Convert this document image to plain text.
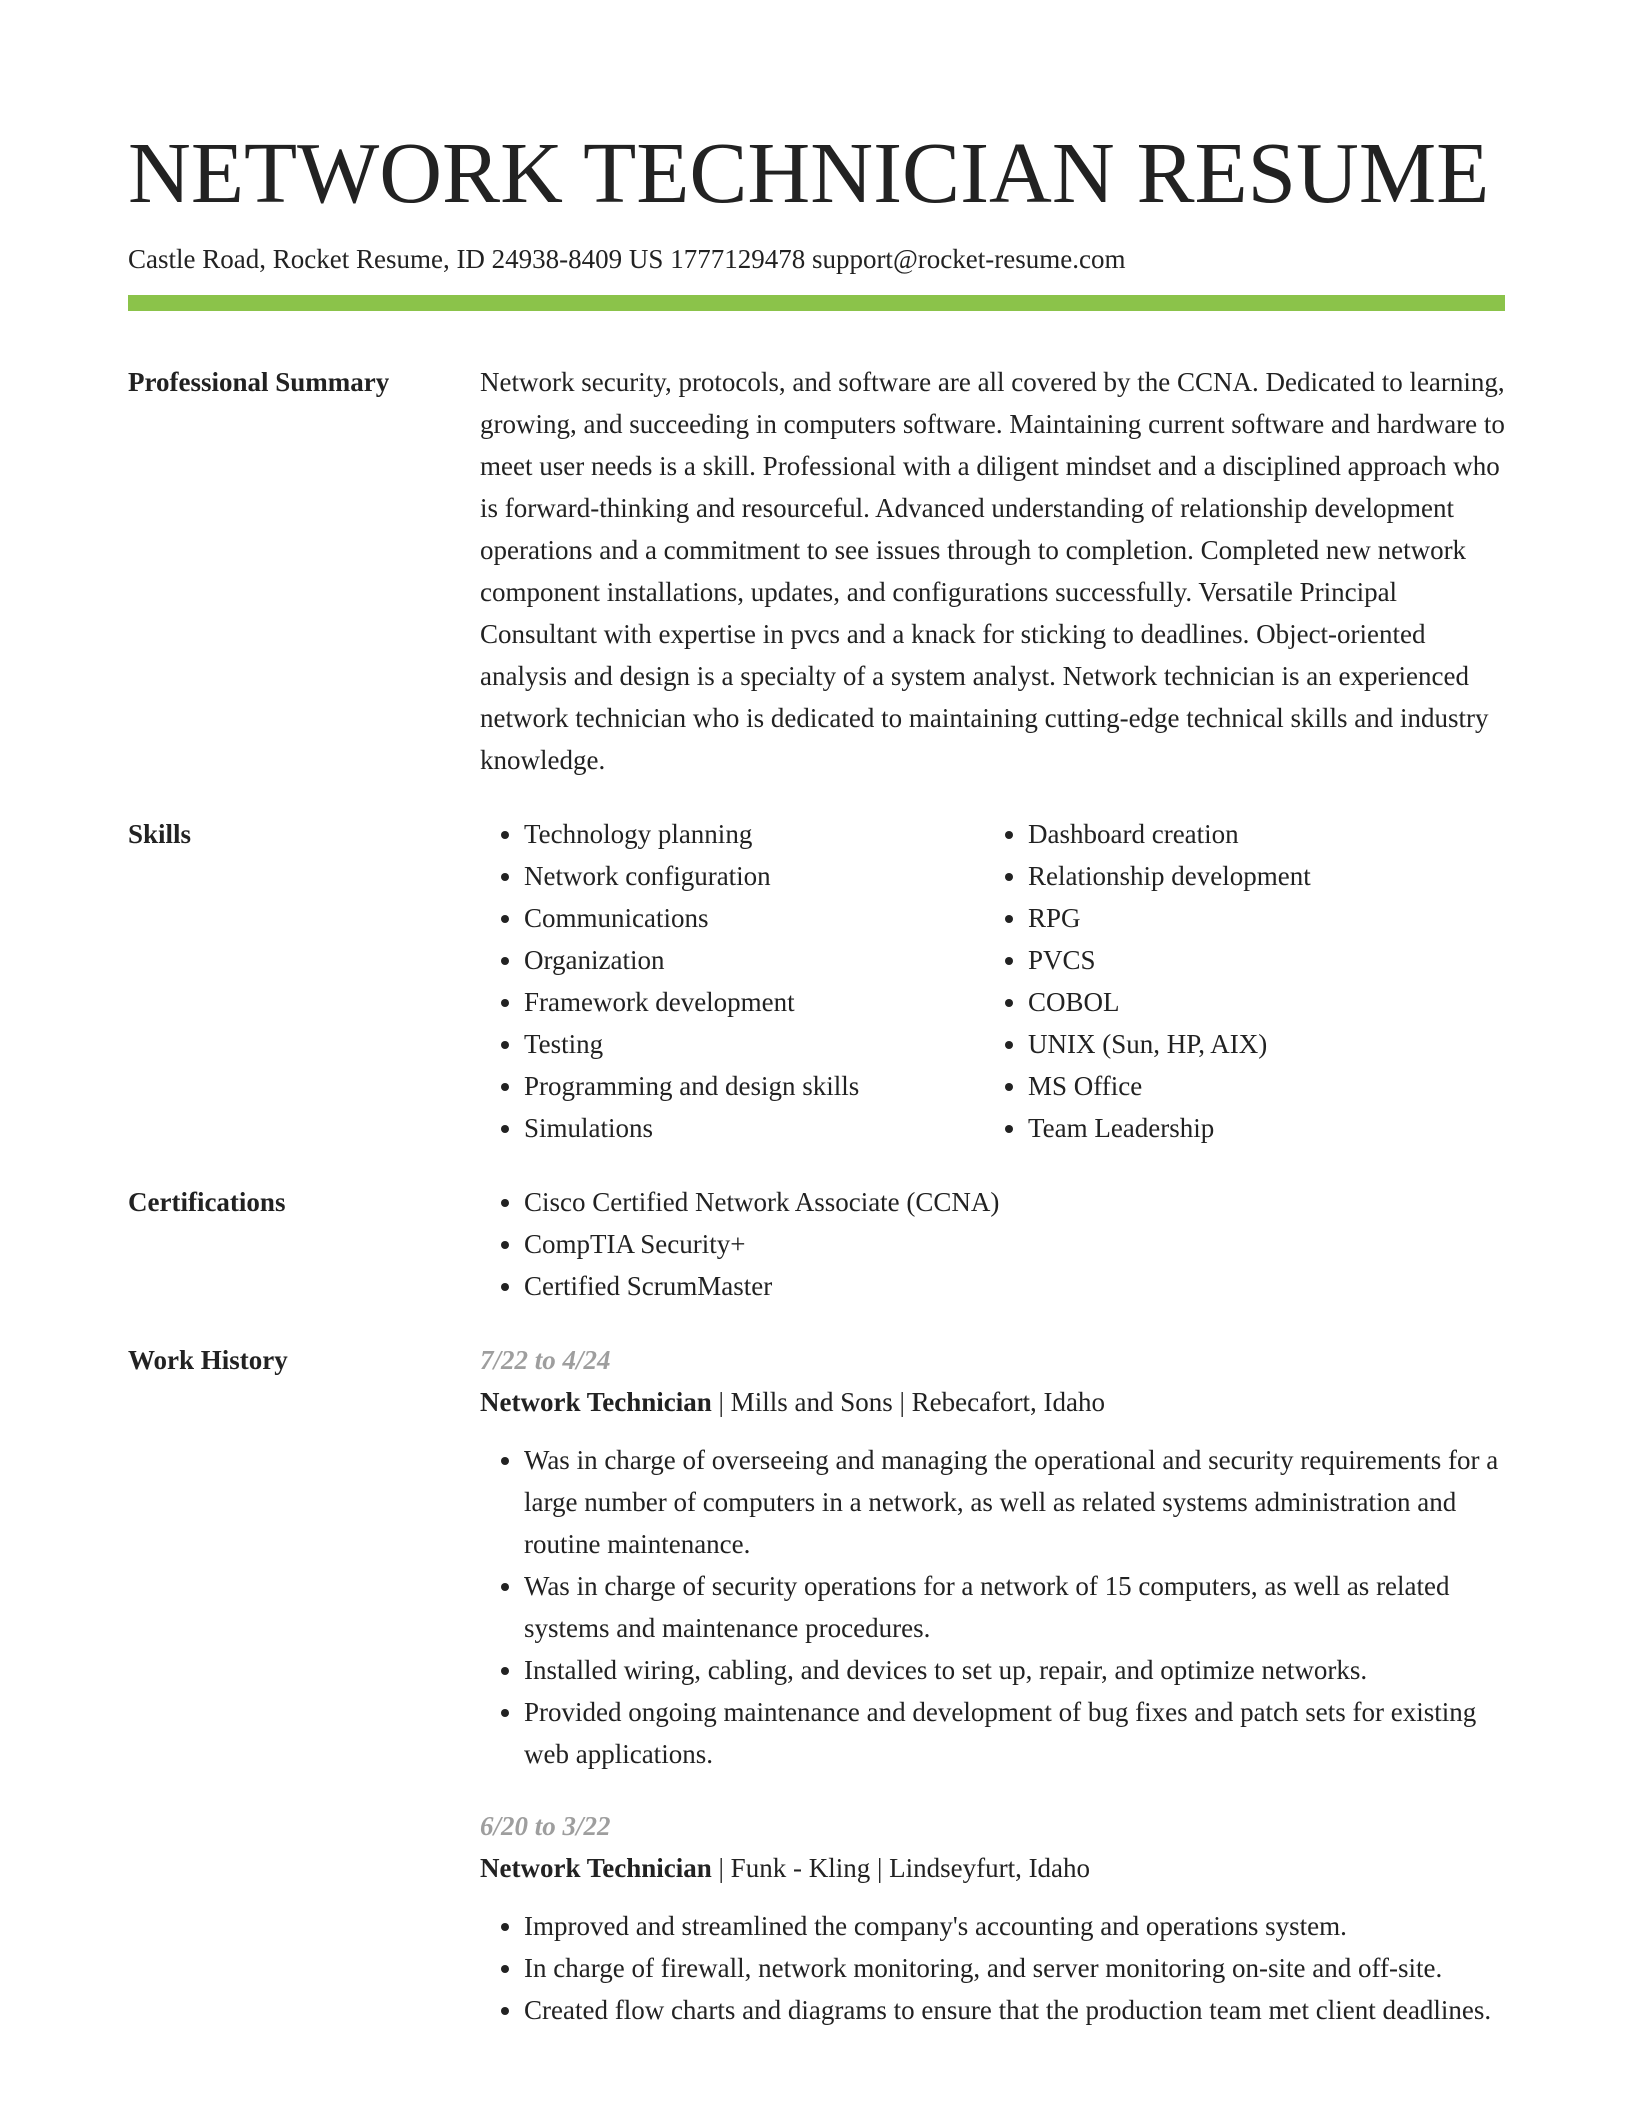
NETWORK TECHNICIAN RESUME
Castle Road, Rocket Resume, ID 24938-8409 US 1777129478 support@rocket-resume.com
Professional Summary	Network security, protocols, and software are all covered by the CCNA. Dedicated to learning, growing, and succeeding in computers software. Maintaining current software and hardware to meet user needs is a skill. Professional with a diligent mindset and a disciplined approach who is forward-thinking and resourceful. Advanced understanding of relationship development operations and a commitment to see issues through to completion. Completed new network component installations, updates, and configurations successfully. Versatile Principal Consultant with expertise in pvcs and a knack for sticking to deadlines. Object-oriented analysis and design is a specialty of a system analyst. Network technician is an experienced network technician who is dedicated to maintaining cutting-edge technical skills and industry knowledge.
Skills	• Technology planning
• Network configuration
• Communications
• Organization
• Framework development
• Testing
• Programming and design skills
• Simulations
• Dashboard creation
• Relationship development
• RPG
• PVCS
• COBOL
• UNIX (Sun, HP, AIX)
• MS Office
• Team Leadership
Certifications	• Cisco Certified Network Associate (CCNA)
• CompTIA Security+
• Certified ScrumMaster
Work History	7/22 to 4/24
Network Technician | Mills and Sons | Rebecafort, Idaho
• Was in charge of overseeing and managing the operational and security requirements for a large number of computers in a network, as well as related systems administration and routine maintenance.
• Was in charge of security operations for a network of 15 computers, as well as related systems and maintenance procedures.
• Installed wiring, cabling, and devices to set up, repair, and optimize networks.
• Provided ongoing maintenance and development of bug fixes and patch sets for existing web applications.
6/20 to 3/22
Network Technician | Funk - Kling | Lindseyfurt, Idaho
• Improved and streamlined the company's accounting and operations system.
• In charge of firewall, network monitoring, and server monitoring on-site and off-site.
• Created flow charts and diagrams to ensure that the production team met client deadlines.
